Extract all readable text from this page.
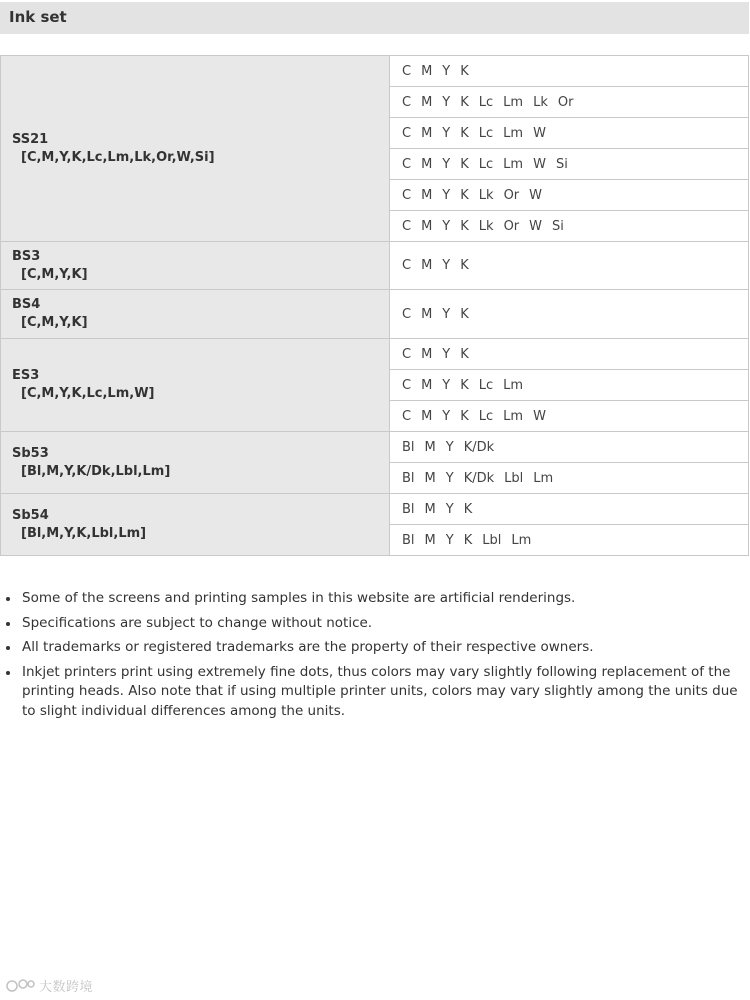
Ink set
SS21
[C,M,Y,K,Lc,Lm,Lk,Or,W,Si]	C M Y K
	C M Y K Lc Lm Lk Or
	C M Y K Lc Lm W
	C M Y K Lc Lm W Si
	C M Y K Lk Or W
	C M Y K Lk Or W Si

BS3
[C,M,Y,K]	C M Y K

BS4
[C,M,Y,K]	C M Y K

ES3
[C,M,Y,K,Lc,Lm,W]	C M Y K
	C M Y K Lc Lm
	C M Y K Lc Lm W

Sb53
[Bl,M,Y,K/Dk,Lbl,Lm]	Bl M Y K/Dk
	Bl M Y K/Dk Lbl Lm

Sb54
[Bl,M,Y,K,Lbl,Lm]	Bl M Y K
	Bl M Y K Lbl Lm
Some of the screens and printing samples in this website are artificial renderings.
Specifications are subject to change without notice.
All trademarks or registered trademarks are the property of their respective owners.
Inkjet printers print using extremely fine dots, thus colors may vary slightly following replacement of the printing heads. Also note that if using multiple printer units, colors may vary slightly among the units due to slight individual differences among the units.
大数跨境
